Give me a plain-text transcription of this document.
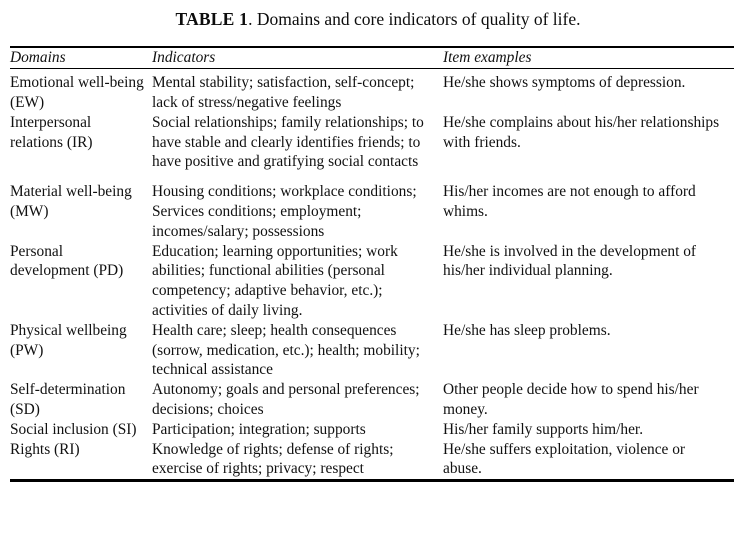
TABLE 1. Domains and core indicators of quality of life.
Domains	Indicators	Item examples
Emotional well-being (EW)	Mental stability; satisfaction, self-concept; lack of stress/negative feelings	He/she shows symptoms of depression.

Interpersonal relations (IR)	Social relationships; family relationships; to have stable and clearly identifies friends; to have positive and gratifying social contacts	He/she complains about his/her relationships with friends.

Material well-being (MW)	Housing conditions; workplace conditions; Services conditions; employment; incomes/salary; possessions	His/her incomes are not enough to afford whims.

Personal development (PD)	Education; learning opportunities; work abilities; functional abilities (personal competency; adaptive behavior, etc.); activities of daily living.	He/she is involved in the development of his/her individual planning.

Physical wellbeing (PW)	Health care; sleep; health consequences (sorrow, medication, etc.); health; mobility; technical assistance	He/she has sleep problems.

Self-determination (SD)	Autonomy; goals and personal preferences; decisions; choices	Other people decide how to spend his/her money.

Social inclusion (SI)	Participation; integration; supports	His/her family supports him/her.

Rights (RI)	Knowledge of rights; defense of rights; exercise of rights; privacy; respect	He/she suffers exploitation, violence or abuse.
